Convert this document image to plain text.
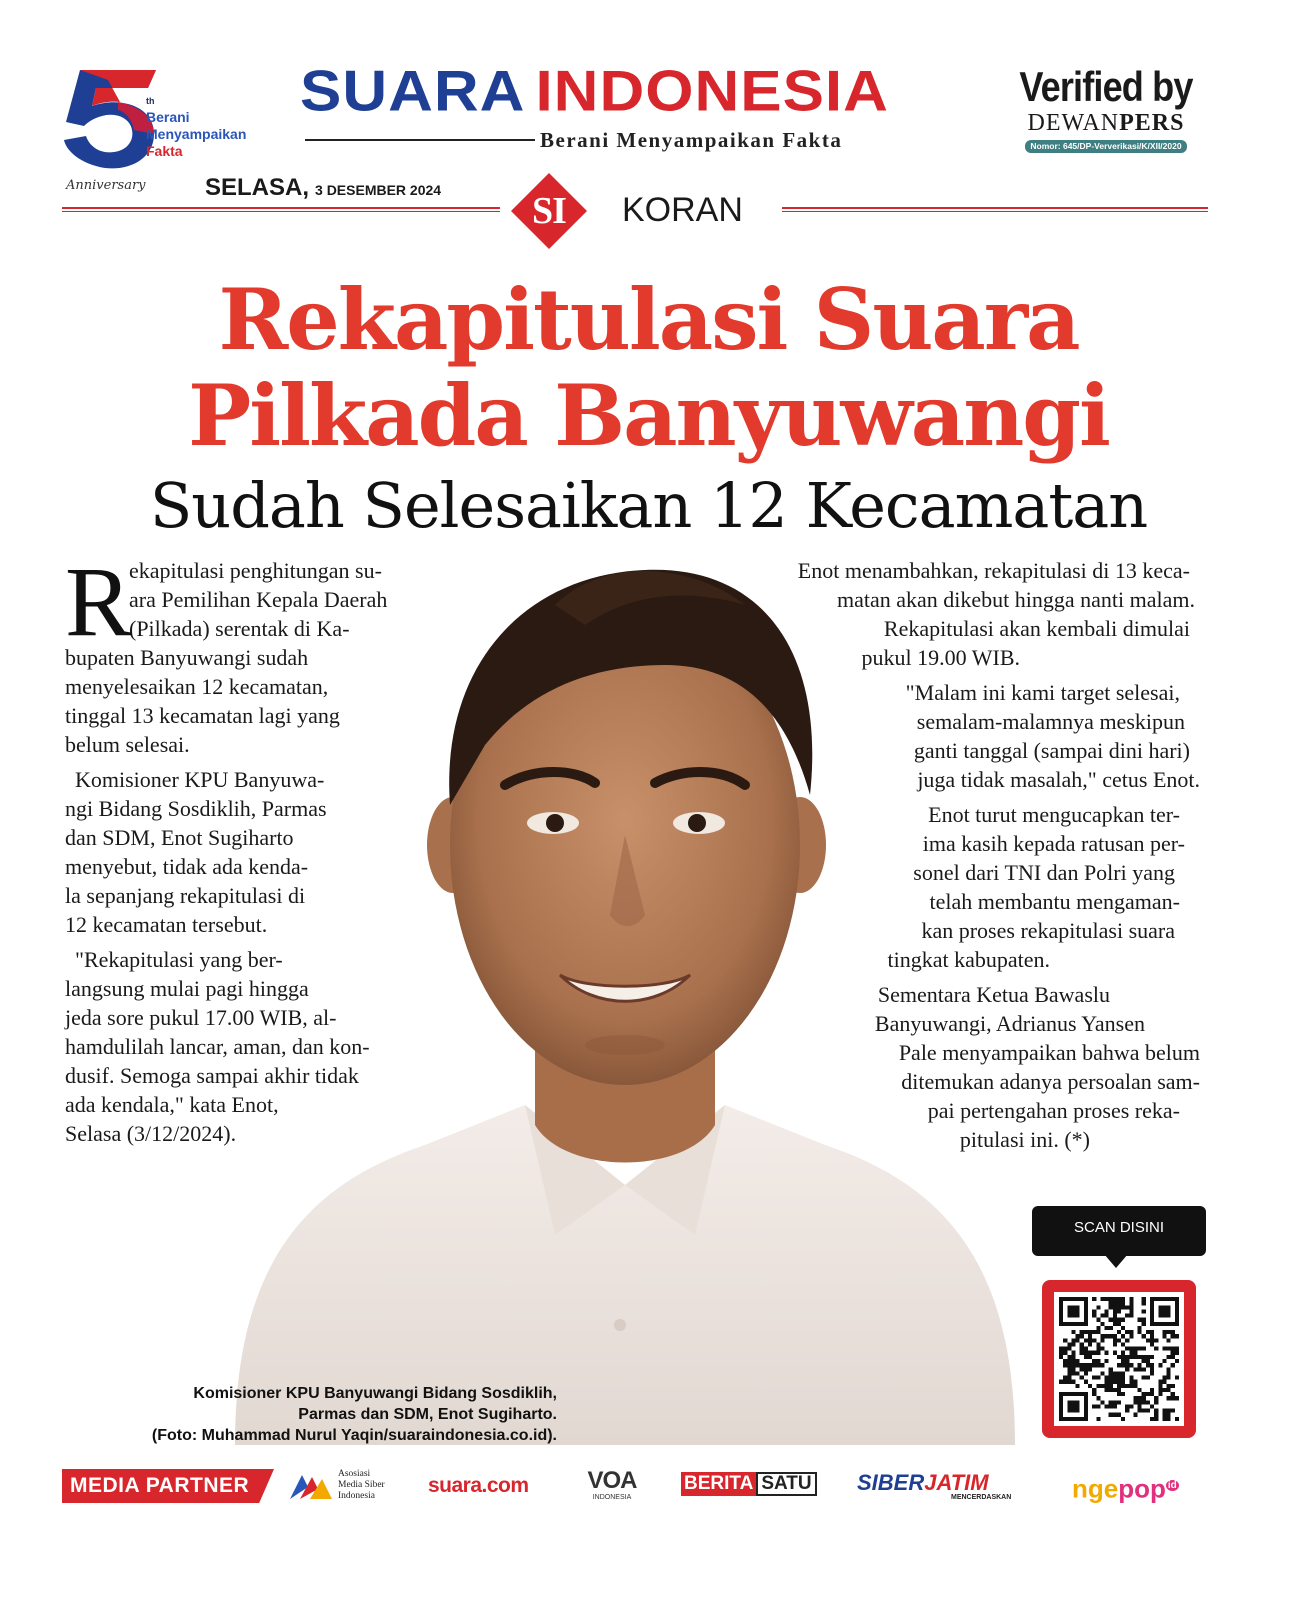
th
Berani
Menyampaikan
Fakta
Anniversary
SUARA INDONESIA
Berani Menyampaikan Fakta
Verified by
DEWANPERS
Nomor: 645/DP-Ververikasi/K/XII/2020
SELASA, 3 DESEMBER 2024	SI	KORAN
Rekapitulasi Suara
Pilkada Banyuwangi
Sudah Selesaikan 12 Kecamatan
Komisioner KPU Banyuwangi Bidang Sosdiklih,
Parmas dan SDM, Enot Sugiharto.
(Foto: Muhammad Nurul Yaqin/suaraindonesia.co.id).
R

ekapitulasi penghitungan su-
ara Pemilihan Kepala Daerah
(Pilkada) serentak di Ka-
bupaten Banyuwangi sudah
menyelesaikan 12 kecamatan,
tinggal 13 kecamatan lagi yang
belum selesai.

Komisioner KPU Banyuwa-
ngi Bidang Sosdiklih, Parmas
dan SDM, Enot Sugiharto
menyebut, tidak ada kenda-
la sepanjang rekapitulasi di
12 kecamatan tersebut.

"Rekapitulasi yang ber-
langsung mulai pagi hingga
jeda sore pukul 17.00 WIB, al-
hamdulilah lancar, aman, dan kon-
dusif. Semoga sampai akhir tidak
ada kendala," kata Enot,
Selasa (3/12/2024).

Enot menambahkan, rekapitulasi di 13 keca-
matan akan dikebut hingga nanti malam.
Rekapitulasi akan kembali dimulai
pukul 19.00 WIB.

"Malam ini kami target selesai,
semalam-malamnya meskipun
ganti tanggal (sampai dini hari)
juga tidak masalah," cetus Enot.

Enot turut mengucapkan ter-
ima kasih kepada ratusan per-
sonel dari TNI dan Polri yang
telah membantu mengaman-
kan proses rekapitulasi suara
tingkat kabupaten.

Sementara Ketua Bawaslu
Banyuwangi, Adrianus Yansen
Pale menyampaikan bahwa belum
ditemukan adanya persoalan sam-
pai pertengahan proses reka-
pitulasi ini. (*)

SCAN DISINI
MEDIA PARTNER	Asosiasi
Media Siber
Indonesia	suara.com VOA
INDONESIA
BERITA SATU SIBERJATIM
MENCERDASKAN ngepop $^{id}$
